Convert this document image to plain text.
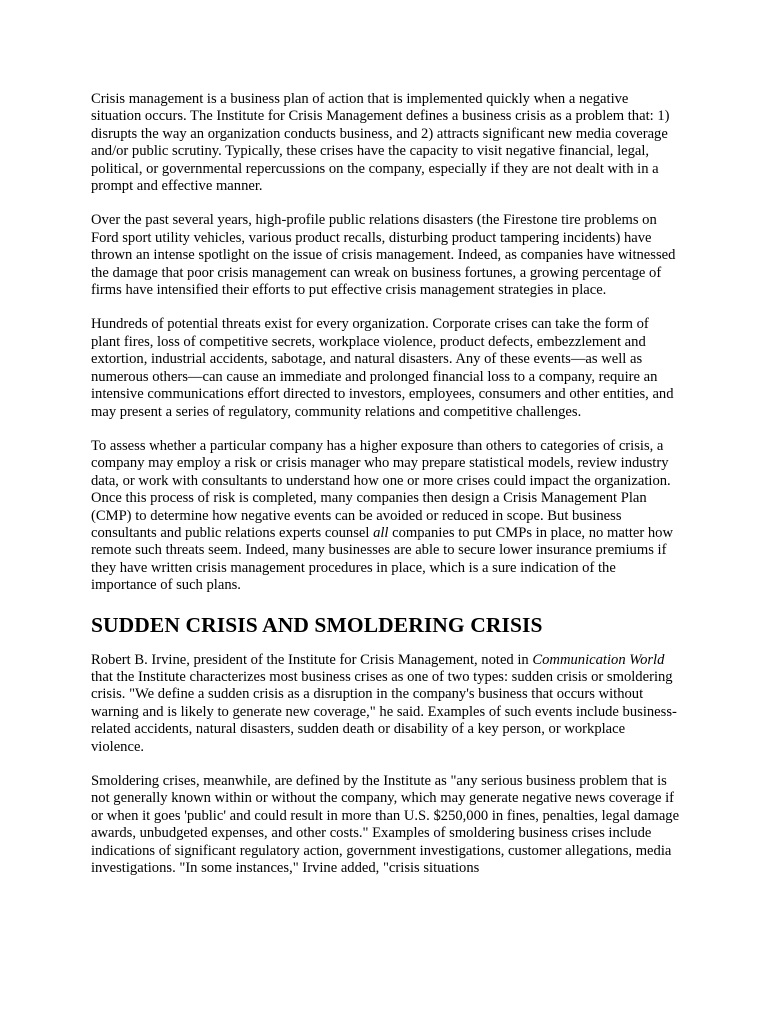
Crisis management is a business plan of action that is implemented quickly when a negative situation occurs. The Institute for Crisis Management defines a business crisis as a problem that: 1) disrupts the way an organization conducts business, and 2) attracts significant new media coverage and/or public scrutiny. Typically, these crises have the capacity to visit negative financial, legal, political, or governmental repercussions on the company, especially if they are not dealt with in a prompt and effective manner.

Over the past several years, high-profile public relations disasters (the Firestone tire problems on Ford sport utility vehicles, various product recalls, disturbing product tampering incidents) have thrown an intense spotlight on the issue of crisis management. Indeed, as companies have witnessed the damage that poor crisis management can wreak on business fortunes, a growing percentage of firms have intensified their efforts to put effective crisis management strategies in place.

Hundreds of potential threats exist for every organization. Corporate crises can take the form of plant fires, loss of competitive secrets, workplace violence, product defects, embezzlement and extortion, industrial accidents, sabotage, and natural disasters. Any of these events—as well as numerous others—can cause an immediate and prolonged financial loss to a company, require an intensive communications effort directed to investors, employees, consumers and other entities, and may present a series of regulatory, community relations and competitive challenges.

To assess whether a particular company has a higher exposure than others to categories of crisis, a company may employ a risk or crisis manager who may prepare statistical models, review industry data, or work with consultants to understand how one or more crises could impact the organization. Once this process of risk is completed, many companies then design a Crisis Management Plan (CMP) to determine how negative events can be avoided or reduced in scope. But business consultants and public relations experts counsel all companies to put CMPs in place, no matter how remote such threats seem. Indeed, many businesses are able to secure lower insurance premiums if they have written crisis management procedures in place, which is a sure indication of the importance of such plans.

SUDDEN CRISIS AND SMOLDERING CRISIS

Robert B. Irvine, president of the Institute for Crisis Management, noted in Communication World that the Institute characterizes most business crises as one of two types: sudden crisis or smoldering crisis. "We define a sudden crisis as a disruption in the company's business that occurs without warning and is likely to generate new coverage," he said. Examples of such events include business-related accidents, natural disasters, sudden death or disability of a key person, or workplace violence.

Smoldering crises, meanwhile, are defined by the Institute as "any serious business problem that is not generally known within or without the company, which may generate negative news coverage if or when it goes 'public' and could result in more than U.S. $250,000 in fines, penalties, legal damage awards, unbudgeted expenses, and other costs." Examples of smoldering business crises include indications of significant regulatory action, government investigations, customer allegations, media investigations. "In some instances," Irvine added, "crisis situations
